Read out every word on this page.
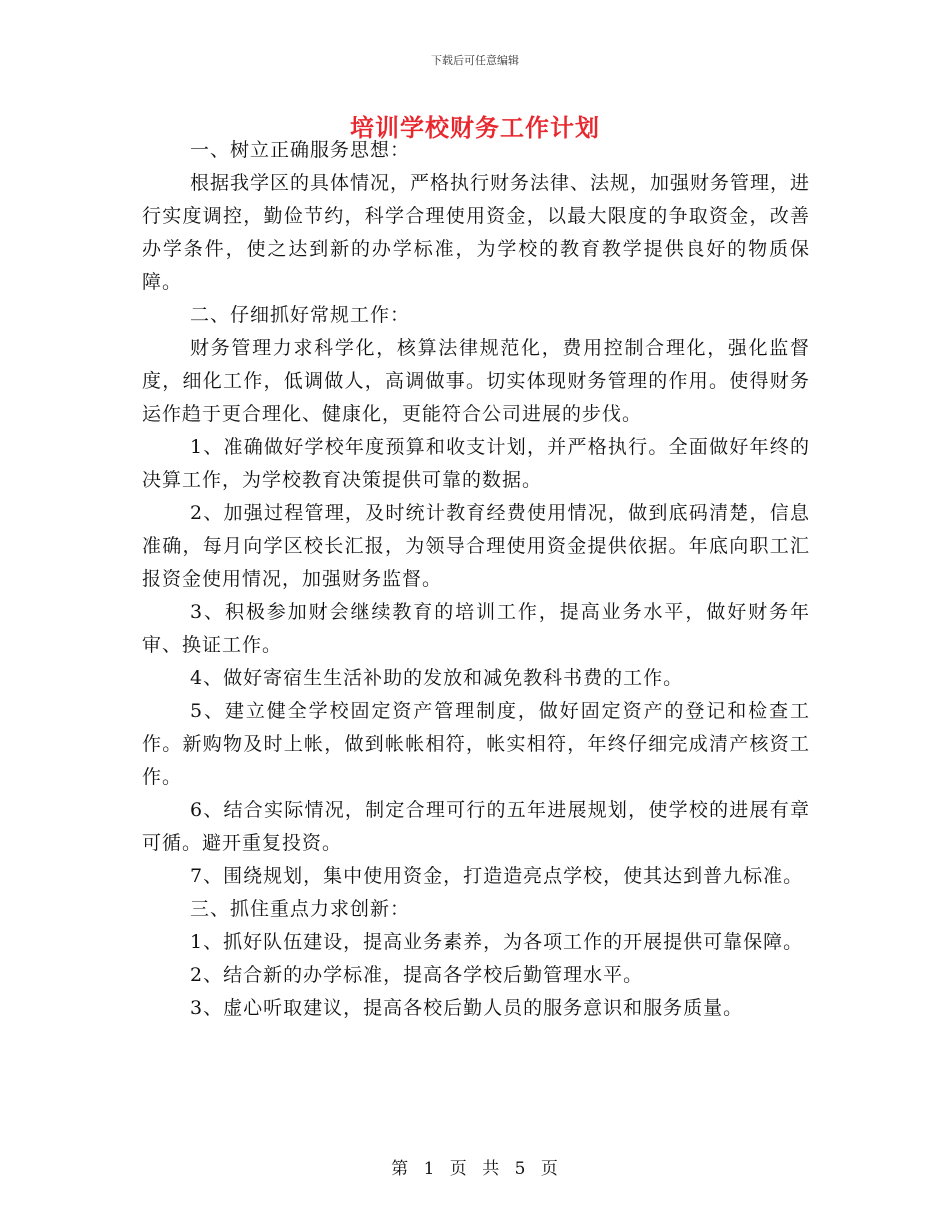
下载后可任意编辑
培训学校财务工作计划

一、树立正确服务思想：

根据我学区的具体情况，严格执行财务法律、法规，加强财务管理，进行实度调控，勤俭节约，科学合理使用资金，以最大限度的争取资金，改善办学条件，使之达到新的办学标准，为学校的教育教学提供良好的物质保障。

二、仔细抓好常规工作：

财务管理力求科学化，核算法律规范化，费用控制合理化，强化监督度，细化工作，低调做人，高调做事。切实体现财务管理的作用。使得财务运作趋于更合理化、健康化，更能符合公司进展的步伐。

1、准确做好学校年度预算和收支计划，并严格执行。全面做好年终的决算工作，为学校教育决策提供可靠的数据。

2、加强过程管理，及时统计教育经费使用情况，做到底码清楚，信息准确，每月向学区校长汇报，为领导合理使用资金提供依据。年底向职工汇报资金使用情况，加强财务监督。

3、积极参加财会继续教育的培训工作，提高业务水平，做好财务年审、换证工作。

4、做好寄宿生生活补助的发放和减免教科书费的工作。

5、建立健全学校固定资产管理制度，做好固定资产的登记和检查工作。新购物及时上帐，做到帐帐相符，帐实相符，年终仔细完成清产核资工作。

6、结合实际情况，制定合理可行的五年进展规划，使学校的进展有章可循。避开重复投资。

7、围绕规划，集中使用资金，打造造亮点学校，使其达到普九标准。

三、抓住重点力求创新：

1、抓好队伍建设，提高业务素养，为各项工作的开展提供可靠保障。

2、结合新的办学标准，提高各学校后勤管理水平。

3、虚心听取建议，提高各校后勤人员的服务意识和服务质量。

第 1 页 共 5 页
